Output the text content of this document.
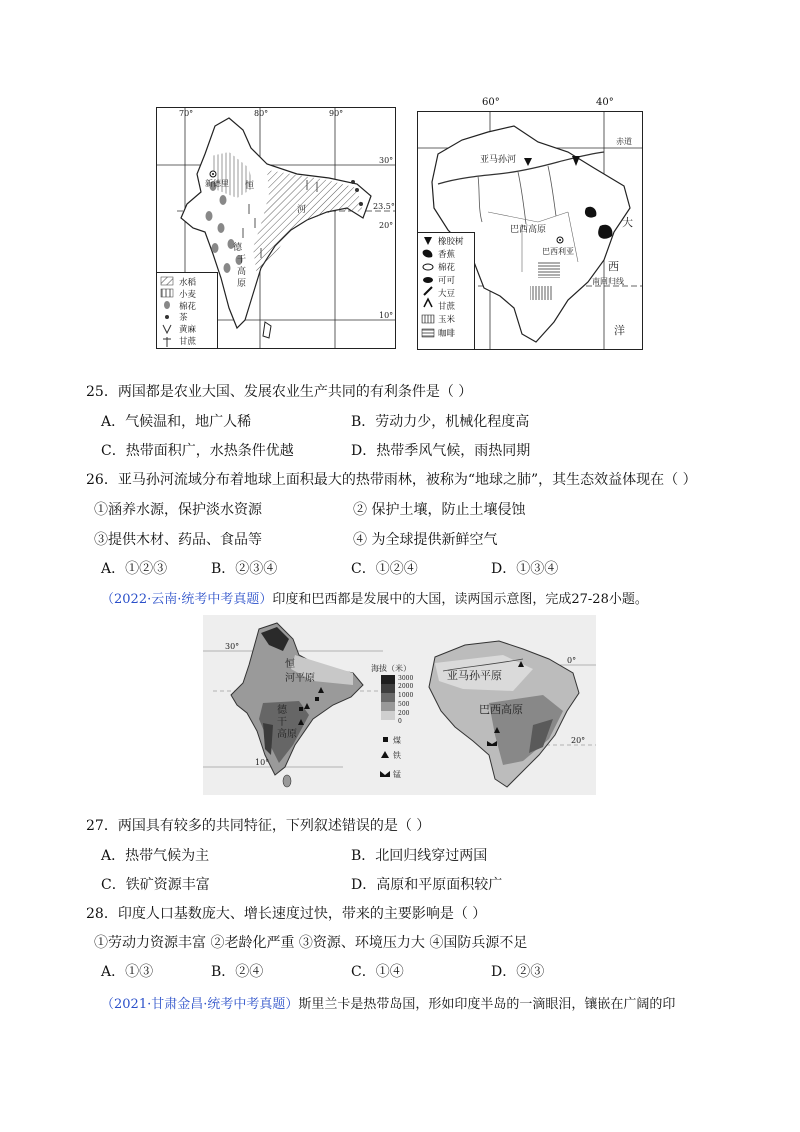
70°	80°	90°
30°
23.5°
20°
10°
新德里 恒
河
德
干
高
原
水稻
小麦
棉花
茶
黄麻
甘蔗
亚马孙河
巴西高原
巴西利亚
大
西
洋
赤道
南回归线
橡胶树
香蕉
棉花
可可
大豆
甘蔗
玉米
咖啡
40°
60°
25．两国都是农业大国、发展农业生产共同的有利条件是（ ）
A．气候温和，地广人稀	B．劳动力少，机械化程度高
C．热带面积广，水热条件优越	D．热带季风气候，雨热同期
26．亚马孙河流域分布着地球上面积最大的热带雨林，被称为“地球之肺”，其生态效益体现在（ ）
①涵养水源，保护淡水资源	② 保护土壤，防止土壤侵蚀
③提供木材、药品、食品等	④ 为全球提供新鲜空气
A．①②③	B．②③④	C．①②④	D．①③④
（2022·云南·统考中考真题）印度和巴西都是发展中的大国，读两国示意图，完成27-28小题。
海拔（米）
3000
2000
1000
500
200
0
煤
铁
锰
30°
10°
0°
20°
恒
河平原
德
干
高原
亚马孙平原
巴西高原
27．两国具有较多的共同特征，下列叙述错误的是（ ）
A．热带气候为主	B．北回归线穿过两国
C．铁矿资源丰富	D．高原和平原面积较广
28．印度人口基数庞大、增长速度过快，带来的主要影响是（ ）
①劳动力资源丰富 ②老龄化严重 ③资源、环境压力大 ④国防兵源不足
A．①③	B．②④	C．①④	D．②③
（2021·甘肃金昌·统考中考真题）斯里兰卡是热带岛国，形如印度半岛的一滴眼泪，镶嵌在广阔的印
